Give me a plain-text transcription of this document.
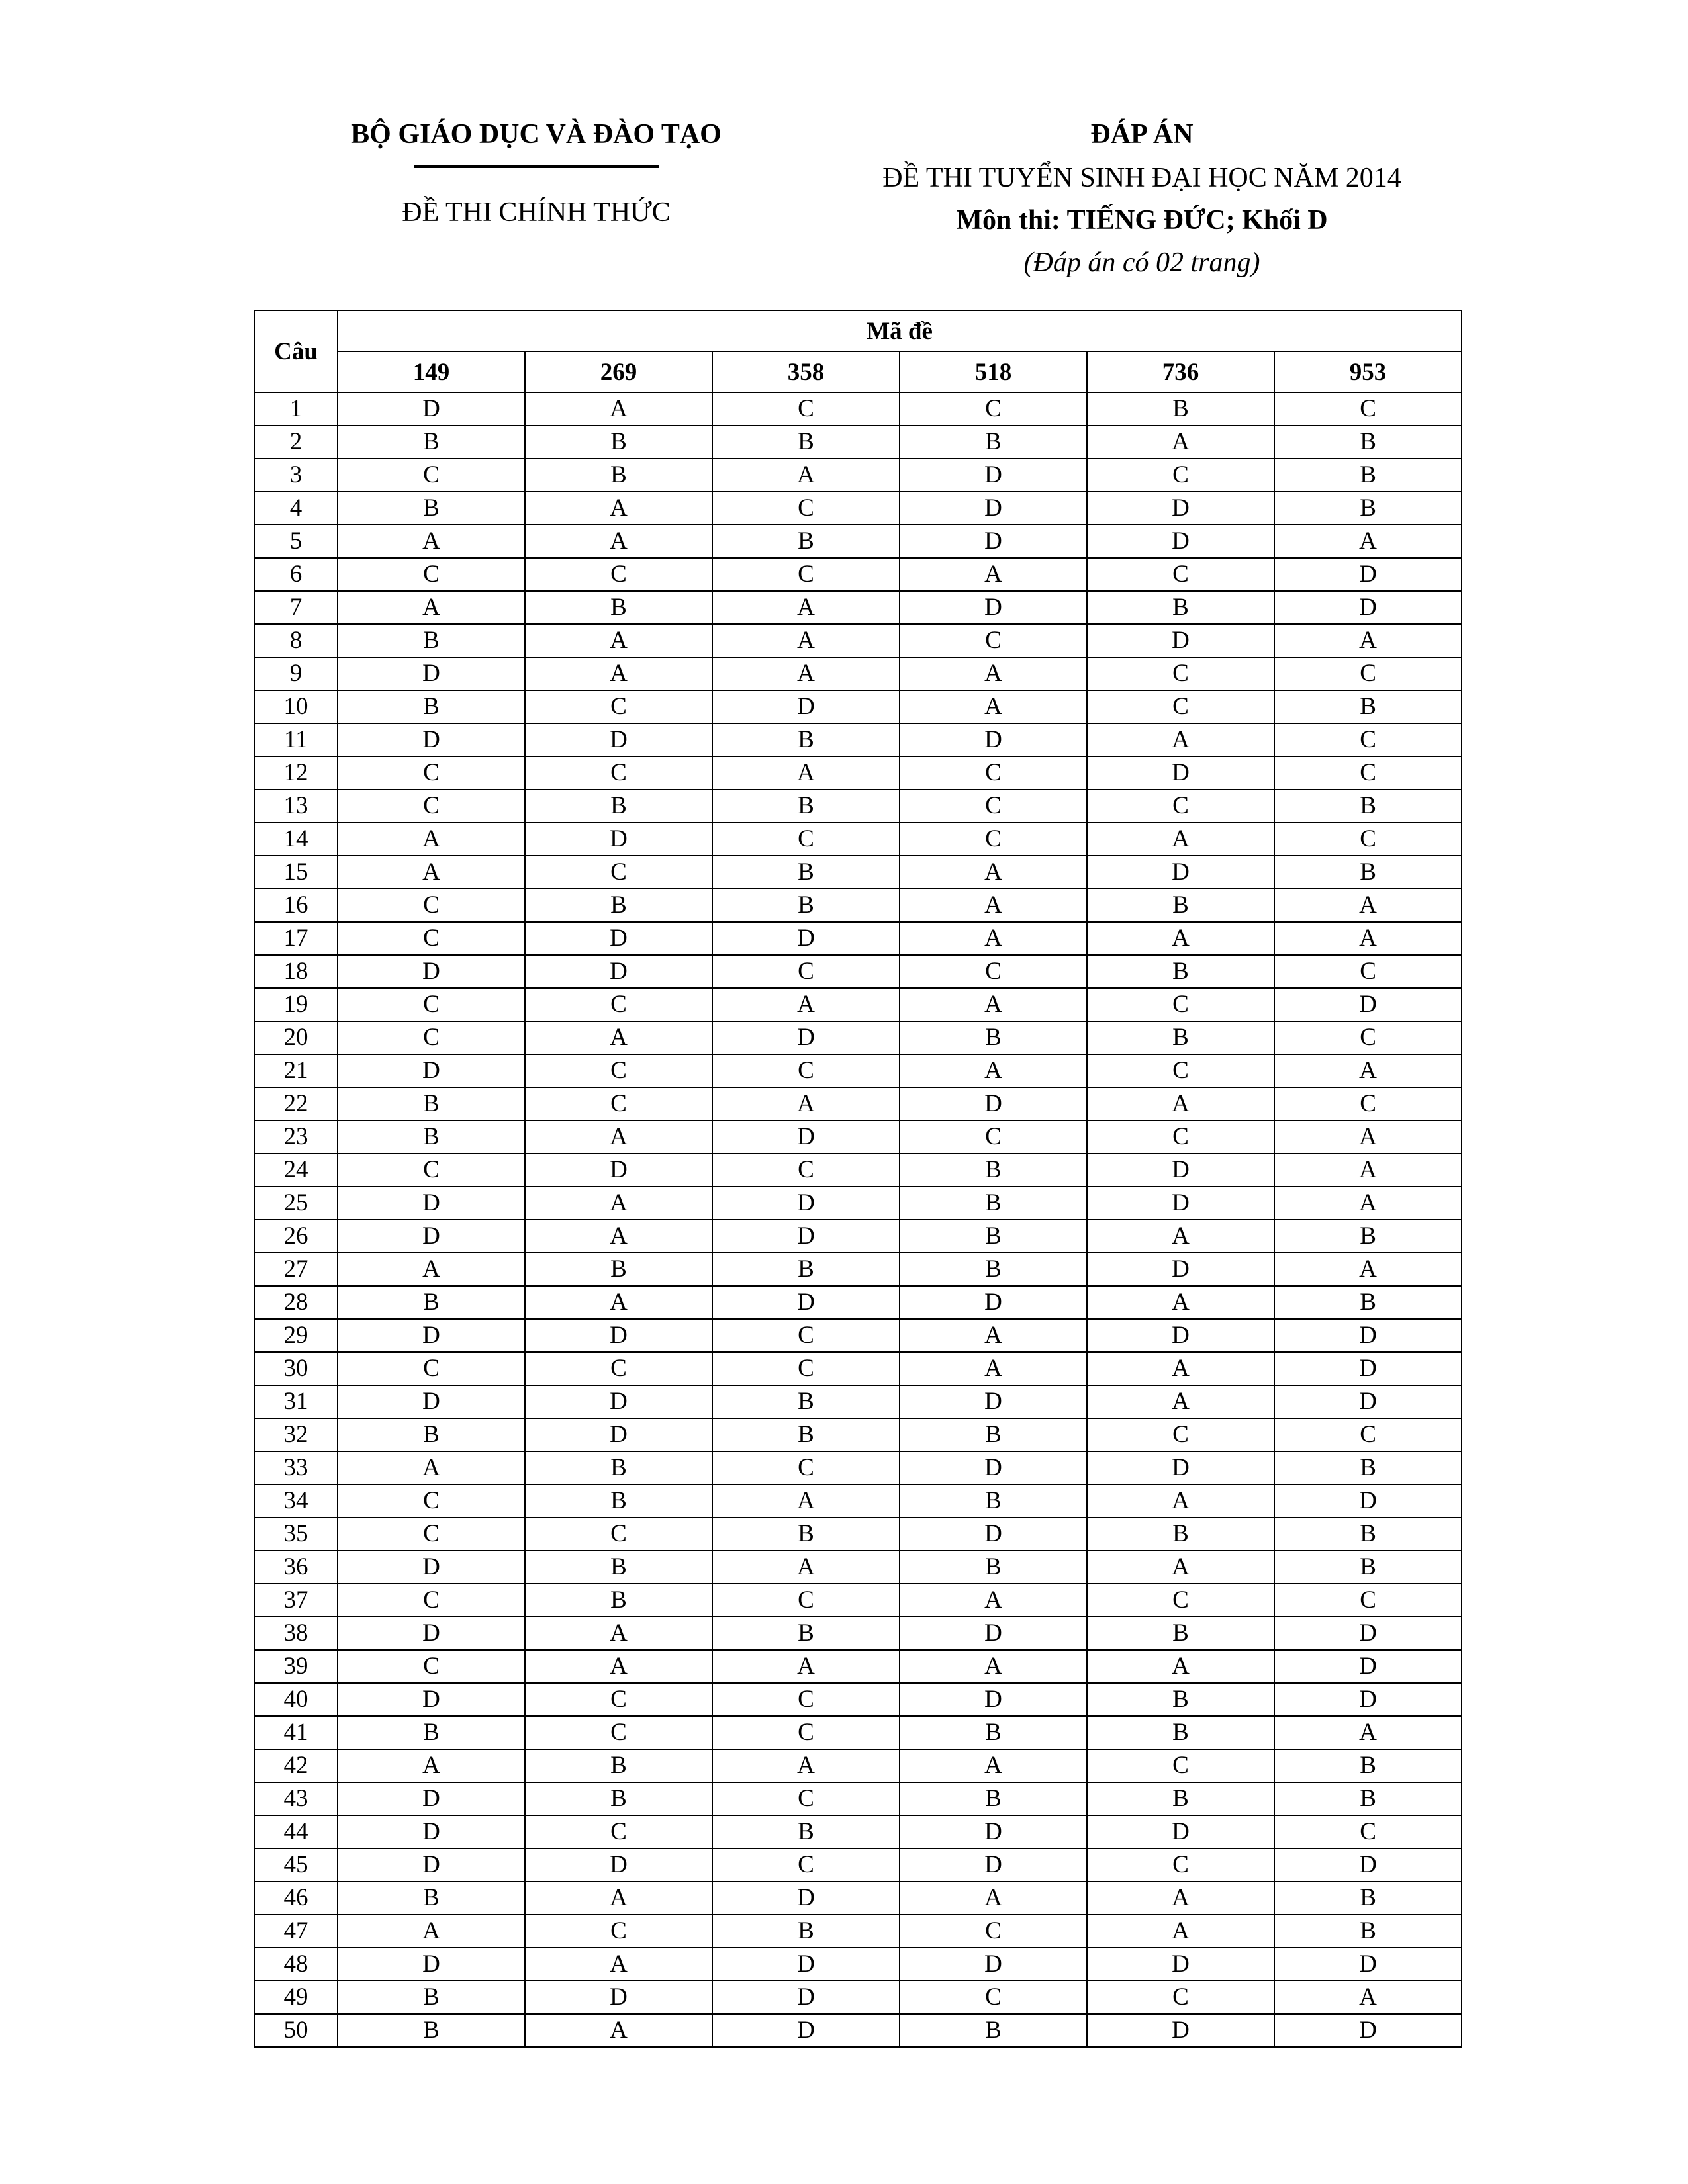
BỘ GIÁO DỤC VÀ ĐÀO TẠO
ĐỀ THI CHÍNH THỨC
ĐÁP ÁN
ĐỀ THI TUYỂN SINH ĐẠI HỌC NĂM 2014
Môn thi: TIẾNG ĐỨC; Khối D
(Đáp án có 02 trang)
Câu	Mã đề					
	149	269	358	518	736	953
1	D	A	C	C	B	C
2	B	B	B	B	A	B
3	C	B	A	D	C	B
4	B	A	C	D	D	B
5	A	A	B	D	D	A
6	C	C	C	A	C	D
7	A	B	A	D	B	D
8	B	A	A	C	D	A
9	D	A	A	A	C	C
10	B	C	D	A	C	B
11	D	D	B	D	A	C
12	C	C	A	C	D	C
13	C	B	B	C	C	B
14	A	D	C	C	A	C
15	A	C	B	A	D	B
16	C	B	B	A	B	A
17	C	D	D	A	A	A
18	D	D	C	C	B	C
19	C	C	A	A	C	D
20	C	A	D	B	B	C
21	D	C	C	A	C	A
22	B	C	A	D	A	C
23	B	A	D	C	C	A
24	C	D	C	B	D	A
25	D	A	D	B	D	A
26	D	A	D	B	A	B
27	A	B	B	B	D	A
28	B	A	D	D	A	B
29	D	D	C	A	D	D
30	C	C	C	A	A	D
31	D	D	B	D	A	D
32	B	D	B	B	C	C
33	A	B	C	D	D	B
34	C	B	A	B	A	D
35	C	C	B	D	B	B
36	D	B	A	B	A	B
37	C	B	C	A	C	C
38	D	A	B	D	B	D
39	C	A	A	A	A	D
40	D	C	C	D	B	D
41	B	C	C	B	B	A
42	A	B	A	A	C	B
43	D	B	C	B	B	B
44	D	C	B	D	D	C
45	D	D	C	D	C	D
46	B	A	D	A	A	B
47	A	C	B	C	A	B
48	D	A	D	D	D	D
49	B	D	D	C	C	A
50	B	A	D	B	D	D
